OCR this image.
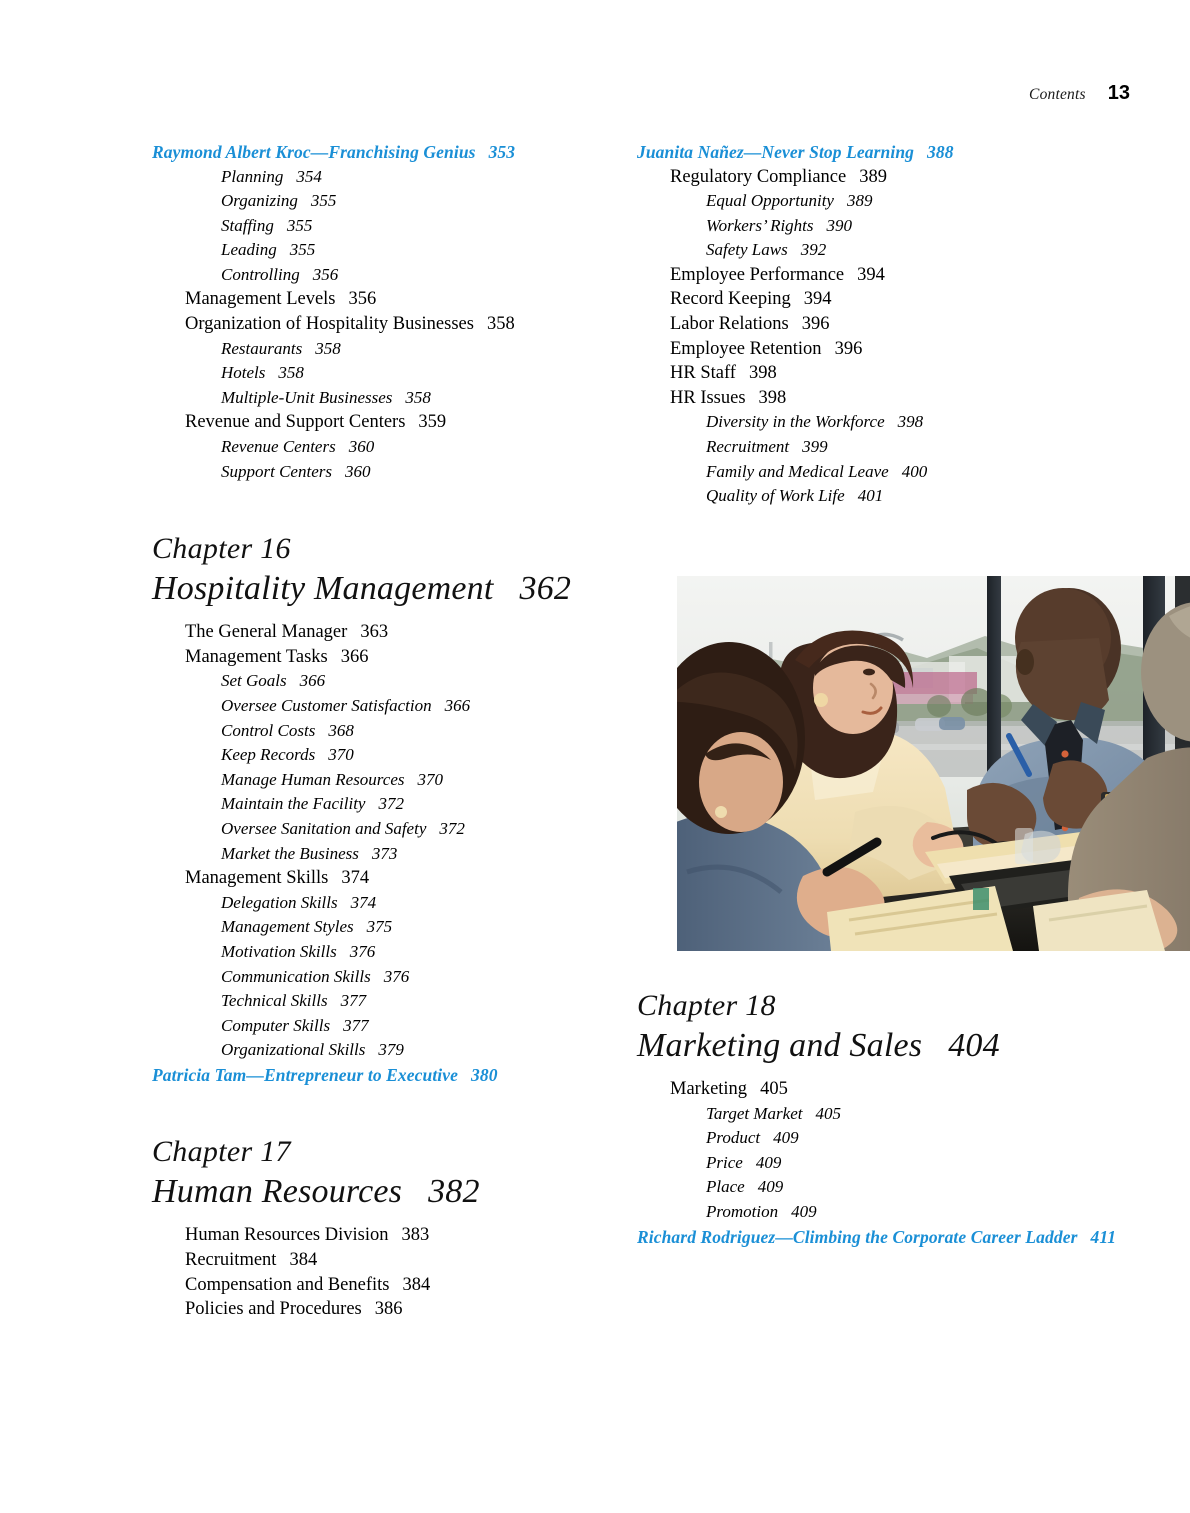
Contents 13
Raymond Albert Kroc—Franchising Genius 353
Planning 354
Organizing 355
Staffing 355
Leading 355
Controlling 356
Management Levels 356
Organization of Hospitality Businesses 358
Restaurants 358
Hotels 358
Multiple-Unit Businesses 358
Revenue and Support Centers 359
Revenue Centers 360
Support Centers 360
Chapter 16
Hospitality Management 362
The General Manager 363
Management Tasks 366
Set Goals 366
Oversee Customer Satisfaction 366
Control Costs 368
Keep Records 370
Manage Human Resources 370
Maintain the Facility 372
Oversee Sanitation and Safety 372
Market the Business 373
Management Skills 374
Delegation Skills 374
Management Styles 375
Motivation Skills 376
Communication Skills 376
Technical Skills 377
Computer Skills 377
Organizational Skills 379
Patricia Tam—Entrepreneur to Executive 380
Chapter 17
Human Resources 382
Human Resources Division 383
Recruitment 384
Compensation and Benefits 384
Policies and Procedures 386
Juanita Nañez—Never Stop Learning 388
Regulatory Compliance 389
Equal Opportunity 389
Workers’ Rights 390
Safety Laws 392
Employee Performance 394
Record Keeping 394
Labor Relations 396
Employee Retention 396
HR Staff 398
HR Issues 398
Diversity in the Workforce 398
Recruitment 399
Family and Medical Leave 400
Quality of Work Life 401
Chapter 18
Marketing and Sales 404
Marketing 405
Target Market 405
Product 409
Price 409
Place 409
Promotion 409
Richard Rodriguez—Climbing the Corporate Career Ladder 411
